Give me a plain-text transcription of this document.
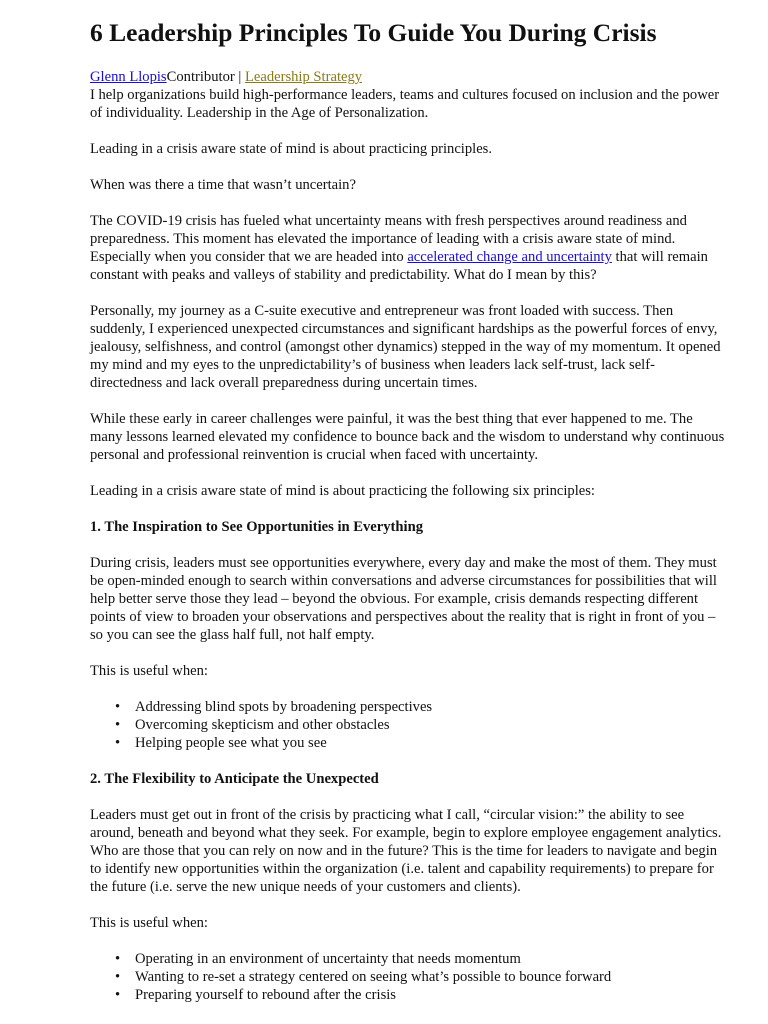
6 Leadership Principles To Guide You During Crisis
Glenn LlopisContributor | Leadership Strategy

I help organizations build high-performance leaders, teams and cultures focused on inclusion and the power of individuality. Leadership in the Age of Personalization.

Leading in a crisis aware state of mind is about practicing principles.

When was there a time that wasn’t uncertain?

The COVID-19 crisis has fueled what uncertainty means with fresh perspectives around readiness and preparedness. This moment has elevated the importance of leading with a crisis aware state of mind. Especially when you consider that we are headed into accelerated change and uncertainty that will remain constant with peaks and valleys of stability and predictability. What do I mean by this?

Personally, my journey as a C-suite executive and entrepreneur was front loaded with success. Then suddenly, I experienced unexpected circumstances and significant hardships as the powerful forces of envy, jealousy, selfishness, and control (amongst other dynamics) stepped in the way of my momentum. It opened my mind and my eyes to the unpredictability’s of business when leaders lack self-trust, lack self-directedness and lack overall preparedness during uncertain times.

While these early in career challenges were painful, it was the best thing that ever happened to me. The many lessons learned elevated my confidence to bounce back and the wisdom to understand why continuous personal and professional reinvention is crucial when faced with uncertainty.

Leading in a crisis aware state of mind is about practicing the following six principles:

1. The Inspiration to See Opportunities in Everything

During crisis, leaders must see opportunities everywhere, every day and make the most of them. They must be open-minded enough to search within conversations and adverse circumstances for possibilities that will help better serve those they lead – beyond the obvious. For example, crisis demands respecting different points of view to broaden your observations and perspectives about the reality that is right in front of you – so you can see the glass half full, not half empty.

This is useful when:

• Addressing blind spots by broadening perspectives
• Overcoming skepticism and other obstacles
• Helping people see what you see
2. The Flexibility to Anticipate the Unexpected

Leaders must get out in front of the crisis by practicing what I call, “circular vision:” the ability to see around, beneath and beyond what they seek. For example, begin to explore employee engagement analytics. Who are those that you can rely on now and in the future? This is the time for leaders to navigate and begin to identify new opportunities within the organization (i.e. talent and capability requirements) to prepare for the future (i.e. serve the new unique needs of your customers and clients).

This is useful when:

• Operating in an environment of uncertainty that needs momentum
• Wanting to re-set a strategy centered on seeing what’s possible to bounce forward
• Preparing yourself to rebound after the crisis
